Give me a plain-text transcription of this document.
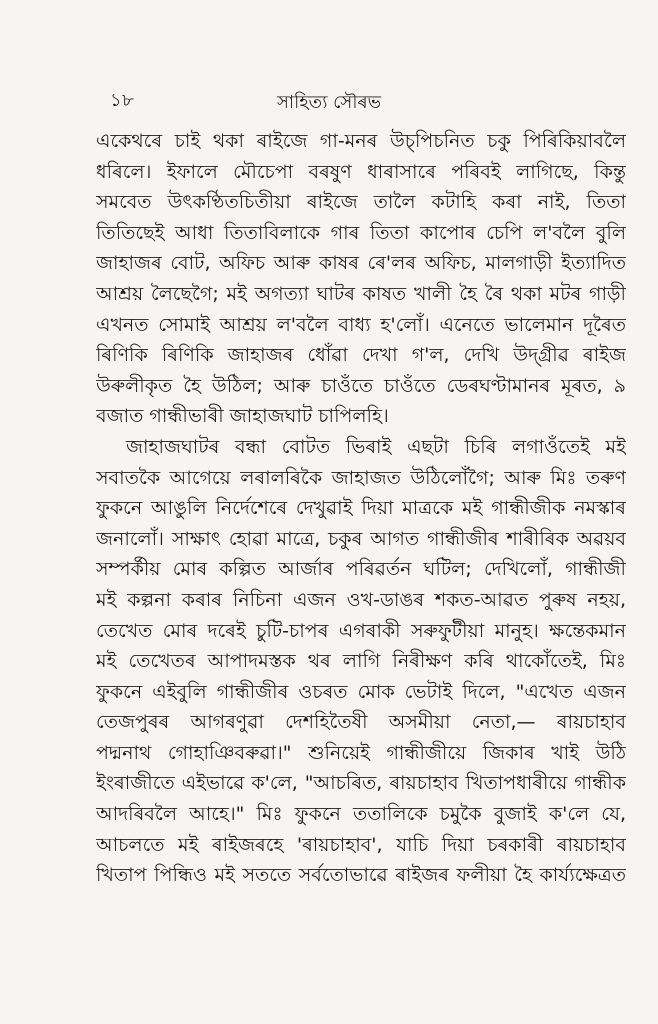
১৮	সাহিত্য সৌৰভ

একেথৰে চাই থকা ৰাইজে গা-মনৰ উচ্‌পিচনিত চকু পিৰিকিয়াবলৈ
ধৰিলে। ইফালে মৌচেপা বৰষুণ ধাৰাসাৰে পৰিবই লাগিছে, কিন্তু
সমবেত উৎকণ্ঠিতচিতীয়া ৰাইজে তালৈ কটাহি কৰা নাই, তিতা
তিতিছেই আধা তিতাবিলাকে গাৰ তিতা কাপোৰ চেপি ল'বলৈ বুলি
জাহাজৰ বোট, অফিচ আৰু কাষৰ ৰে'লৰ অফিচ, মালগাড়ী ইত্যাদিত
আশ্ৰয় লৈছেগৈ; মই অগত্যা ঘাটৰ কাষত খালী হৈ ৰৈ থকা মটৰ গাড়ী
এখনত সোমাই আশ্ৰয় ল'বলৈ বাধ্য হ'লোঁ। এনেতে ভালেমান দূৰৈত
ৰিণিকি ৰিণিকি জাহাজৰ ধোঁৱা দেখা গ'ল, দেখি উদ্‌গ্ৰীৱ ৰাইজ
উৰুলীকৃত হৈ উঠিল; আৰু চাওঁতে চাওঁতে ডেৰঘণ্টামানৰ মূৰত, ৯
বজাত গান্ধীভাৰী জাহাজঘাট চাপিলহি।

জাহাজঘাটৰ বন্ধা বোটত ভিৰাই এছটা চিৰি লগাওঁতেই মই
সবাতকৈ আগেয়ে লৰালৰিকৈ জাহাজত উঠিলোঁগৈ; আৰু মিঃ তৰুণ
ফুকনে আঙুলি নিৰ্দেশেৰে দেখুৱাই দিয়া মাত্ৰকে মই গান্ধীজীক নমস্কাৰ
জনালোঁ। সাক্ষাৎ হোৱা মাত্ৰে, চকুৰ আগত গান্ধীজীৰ শাৰীৰিক অৱয়ব
সম্পৰ্কীয় মোৰ কল্পিত আৰ্জাৰ পৰিৱৰ্তন ঘটিল; দেখিলোঁ, গান্ধীজী
মই কল্পনা কৰাৰ নিচিনা এজন ওখ-ডাঙৰ শকত-আৱত পুৰুষ নহয়,
তেখেত মোৰ দৰেই চুটি-চাপৰ এগৰাকী সৰুফুটীয়া মানুহ। ক্ষন্তেকমান
মই তেখেতৰ আপাদমস্তক থৰ লাগি নিৰীক্ষণ কৰি থাকোঁতেই, মিঃ
ফুকনে এইবুলি গান্ধীজীৰ ওচৰত মোক ভেটাই দিলে, "এখেত এজন
তেজপুৰৰ আগৰণুৱা দেশহিতৈষী অসমীয়া নেতা,— ৰায়চাহাব
পদ্মনাথ গোহাঞিবৰুৱা।" শুনিয়েই গান্ধীজীয়ে জিকাৰ খাই উঠি
ইংৰাজীতে এইভাৱে ক'লে, "আচৰিত, ৰায়চাহাব খিতাপধাৰীয়ে গান্ধীক
আদৰিবলৈ আহে।" মিঃ ফুকনে ততালিকে চমুকৈ বুজাই ক'লে যে,
আচলতে মই ৰাইজৰহে 'ৰায়চাহাব', যাচি দিয়া চৰকাৰী ৰায়চাহাব
খিতাপ পিন্ধিও মই সততে সৰ্বতোভাৱে ৰাইজৰ ফলীয়া হৈ কাৰ্য্যক্ষেত্ৰত
